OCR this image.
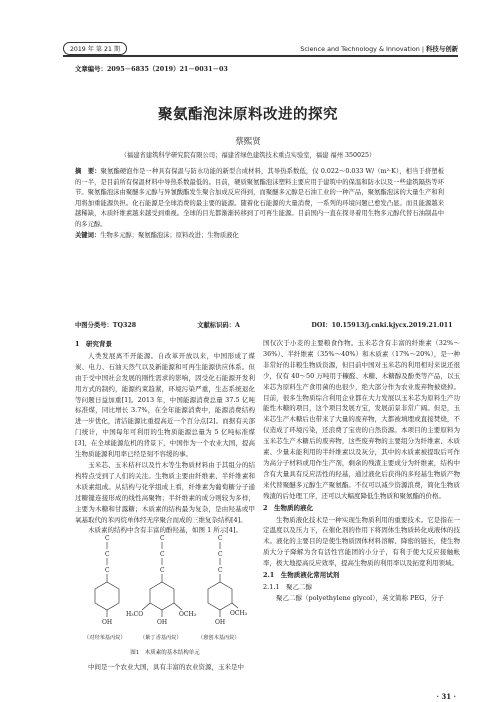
2019 年 第 21 期	Science and Technology & Innovation | 科技与创新
文章编号：2095－6835（2019）21－0031－03
聚氨酯泡沫原料改进的探究
蔡熙贤
（福建省建筑科学研究院有限公司；福建省绿色建筑技术重点实验室，福建 福州 350025）
摘　要：聚氨酯硬泡作是一种具有保温与防水功能的新型合成材料，其导热系数低，仅 0.022～0.033 W/（m²·K），相当于挤塑板的一半，是目前所有保温材料中导热系数最低的。目前，硬质聚氨酯泡沫塑料主要应用于建筑中的保温和防水以及一些建筑隔热等环节。聚氨酯泡沫由聚醚多元醇与异氰酸酯发生聚合加成反应得到，而聚醚多元醇是石油工业的一种产品，聚氨酯泡沫的大量生产和利用将加重能源负担。化石能源是全球消费的最主要的能源。随着化石能源的大量消费，一系列的环境问题已愈发凸显。而且能源越来越稀缺，木质纤维素越来越受到重视。全球的目光都渐渐转移到了可再生能源。目前国内一直在探寻着用生物多元醇代替石油制品中的多元醇。
关键词：生物多元醇；聚氨酯泡沫；原料改进；生物质液化
中图分类号：TQ328	文献标识码：A	DOI：10.15913/j.cnki.kjycx.2019.21.011

1　研究背景

人类发展离不开能源。自改革开放以来，中国形成了煤炭、电力、石油天然气以及新能源和可再生能源供应体系。但由于受中国社会发展的刚性需求的影响，因受化石能源开发利用方式的制约，能源约束趋紧，环境污染严重，生态系统退化等问题日益加重[1]。2013 年，中国能源消费总量 37.5 亿吨标准煤，同比增长 3.7%，在全年能源消费中，能源消费结构进一步优化，清洁能源比重提高近一个百分点[2]。而据有关部门统计，中国每年可利用的生物质能源总量为 5 亿吨标准煤[3]，在全球能源危机的背景下，中国作为一个农业大国，提高生物质能源利用率已经是刻不容缓的事。

玉米芯、玉米秸秆以及竹木等生物质材料由于其组分的结构特点受到了人们的关注。生物质主要由纤维素、半纤维素和木质素组成。从结构与化学组成上看，纤维素为葡萄糖分子通过糖键连接形成的线性高聚物；半纤维素的成分则较为多样，主要为木糖和甘露糖；木质素的结构最为复杂，是由羟基或甲氧基取代的苯丙烷单体经无序聚合而成的三维复杂结构[4]。

木质素的结构中含有丰富的酚羟基，如图 1 所示[4]。

C
C
C
OH
C
C
C
OH
H₃CO	OCH₃
C
C
C
OH
OCH₃
（对羟苯基丙烷）	（紫丁香基丙烷）	（愈创木基丙烷）
图1　木质素的基本结构单元

中间是一个农业大国，具有丰富的农业资源，玉米是中

国仅次于小麦的主要粮食作物。玉米芯含有丰富的纤维素（32%～36%）、半纤维素（35%～40%）和木质素（17%～20%），是一种非常好的非粮生物质资源，但目前中国对玉米芯的利用相对来说还很少，仅有 40～50 万吨用于糠醛、木糖、木糖醇及酚类等产品，以玉米芯为原料生产食用菌的也很少，绝大部分作为农业废弃物被烧掉。目前，很多生物质综合利用企业都在大力发展以玉米芯为原料生产功能性木糖的项目，这个项目发展方宝，发展前景非常广阔。但是，玉米芯生产木糖后也带来了大量的废弃物，大都被填埋或直接焚烧，不仅造成了环境污染，还浪费了宝贵的自然资源。本项目的主要原料为玉米芯生产木糖后的废弃物，这些废弃物的主要组分为纤维素、木质素、少量未能利用的半纤维素以及灰分，其中的木质素被提取后可作为高分子材料或用作生产剂，剩余的残渣主要成分为纤维素，结构中含有大量具有反应活性的羟基，通过液化后获得的多羟基生物质产物来代替聚醚多元醇生产聚氨酯。不仅可以减少资源浪费，简化生物质残渣的后处理工序，还可以大幅度降低生物质和聚氨酯的价格。

2　生物质的液化

生物质液化技术是一种实现生物质利用的重要技术。它是指在一定温度以及压力下，在催化剂的作用下将固体生物质转化成液体的技术。液化的主要目的是使生物质固体材料溶解、降密的链长，使生物质大分子降解为含有活性官能团的小分子，有利于使大反应接触帐率，极大地提高反应效率，提高生物质的利用率以及拓宽利用领域。

2.1　生物质液化常用试剂

2.1.1　聚乙二醇

聚乙二醇（polyethylene glycol），英文简称 PEG，分子

· 31 ·
